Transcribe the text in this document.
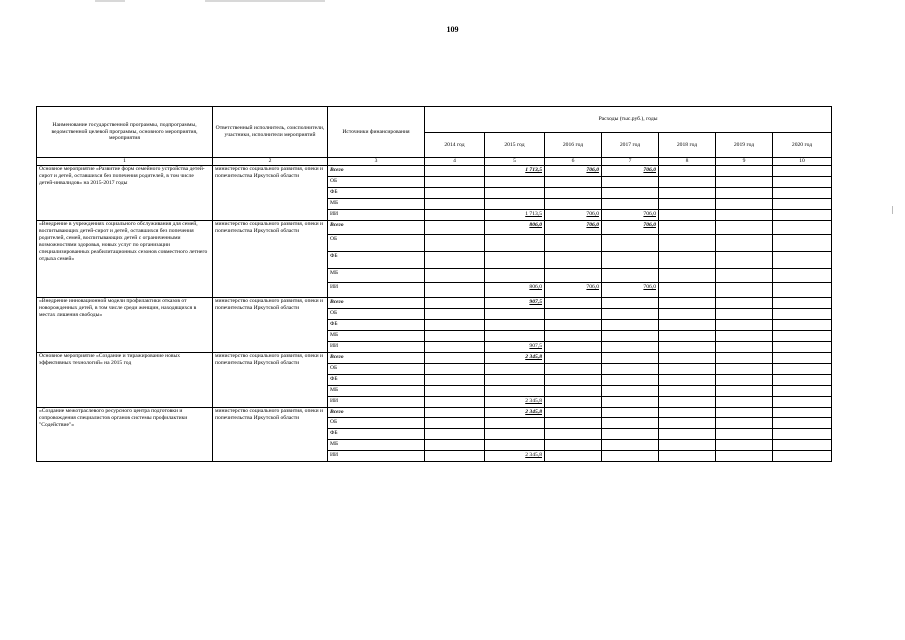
109
Наименование государственной программы, подпрограммы, ведомственной целевой программы, основного мероприятия, мероприятия	Ответственный исполнитель, соисполнители, участники, исполнители мероприятий	Источники финансирования	Расходы (тыс.руб.), годы						
			2014 год	2015 год	2016 год	2017 год	2018 год	2019 год	2020 год
1	2	3	4	5	6	7	8	9	10
Основное мероприятие «Развитие форм семейного устройства детей-сирот и детей, оставшихся без попечения родителей, в том числе детей-инвалидов» на 2015-2017 годы	министерство социального развития, опеки и попечительства Иркутской области	Всего		1 713,5	706,0	706,0			
		ОБ							
		ФБ							
		МБ							
		ИИ		1 713,5	706,0	706,0			
«Внедрение в учреждениях социального обслуживания для семей, воспитывающих детей-сирот и детей, оставшихся без попечения родителей, семей, воспитывающих детей с ограниченными возможностями здоровья, новых услуг по организации специализированных реабилитационных сезонов совместного летнего отдыха семей»	министерство социального развития, опеки и попечительства Иркутской области	Всего		806,0	706,0	706,0			
		ОБ							
		ФБ							
		МБ							
		ИИ		806,0	706,0	706,0			
«Внедрение инновационной модели профилактики отказов от новорожденных детей, в том числе среди женщин, находящихся в местах лишения свободы»	министерство социального развития, опеки и попечительства Иркутской области	Всего		907,5					
		ОБ							
		ФБ							
		МБ							
		ИИ		907,5					
Основное мероприятие «Создание и тиражирование новых эффективных технологий» на 2015 год	министерство социального развития, опеки и попечительства Иркутской области	Всего		2 345,8					
		ОБ							
		ФБ							
		МБ							
		ИИ		2 345,8					
«Создание межотраслевого ресурсного центра подготовки и сопровождения специалистов органов системы профилактики "Содействие"»	министерство социального развития, опеки и попечительства Иркутской области	Всего		2 345,8					
		ОБ							
		ФБ							
		МБ							
		ИИ		2 345,8					
